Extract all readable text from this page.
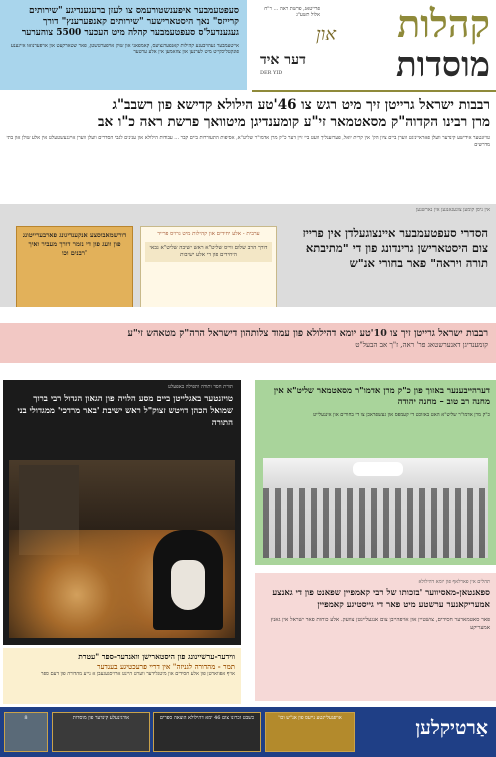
סעפטעמבער איפענשטורעמס צו לעזן ברעגענדיגע "שירותים קרייזס" נאך היסטארישער "שירותים קאנפערענץ" דורך געגענדעל'ס סעפטעמבער קהלה מיט העכער 5500 צוהערער
אייטעמבער געהויבענע קהילות קאנפערנציעס, קאמפאני און שוק אויפערטשטן, פאר שטארקעט און אויפערנואו אייגענע פונקטליכקייט מיט לערנען און צוזאמען אין אלע ערטער
קהלות
און
מוסדות
פרייטאג, פרשת ראה ... ר"ח אלול תשע"ג
דער איד
DER YID
רבבות ישראל גרייטן זיך מיט רגש צו 46'טע הילולא קדישא פון רשבב"ג
מרן רבינו הקדוה"ק מסאטמאר זי"ע קומענדיגן מיטוואך פרשת ראה כ"ו אב
טויזנטער אידישע קינדער וועלן פאראייניגט ווערן ביים ציון הק' אין קרית יואל, פערזענליך וועט ביי זיין דער כ"ק מרן אדמו"ר שליט"א, אסיפות התעוררות ביים קבר ... עבודות הילולא און ענינים לגבי הסדרים וועלן ווערן איינגעשטעלט אין אלע שולן און בתי מדרשים
אין ניסן קומען צוגעגאנגען אין נארשנען
הסדרי סעפטעמבער איינצוגעלדן אין פרייז צום היסטארישן גרינדונג פון די "מתיבתא תורה ויראה" פאר בחורי אנ"ש
ערבית - אלע יחידים און קהילות מיט גרויס פרייד
דורך הרב שלום ווייס שליט"א ראש ישיבה שליט"א גבאי היחידים פון די אלע ישיבות
דורשמאבוסצע אנקענדיגונג פארבערייטונג פון וועג פון די נזמר דורך מעביר ואיך רבנים וכו'
רבבות ישראל גרייטן זיך צו 10'טע יומא דהילולא פון עמוד צלותהון דישראל הרה"ק מטאהש זי"ע
קומענדיגן דאנערשטאג פר' ראה, ז"ך אב הבעל"ט
תורת חסד ותורה ותפילה באפעלט
טויזנטער באגלייטן ביים מסע הלויה פון הגאון הגדול רבי ברוך שמואל הכהן דויטש זצוק"ל ראש ישיבת 'באר מרדכי' ממגדולי בני התורה
דערהייבענער באזוך פון כ"ק מרן אדמו"ר מסאטמאר שליט"א אין מחנה רב טוב – מחנה יהודה
כ"ק מרן אדמו"ר שליט"א האט באזוכט די קעמפס און געשפראכן צו די בחורים און אינגעלייט
תהלים אין פארלאף פון יומא דהילולא
ספאנטאן-מאסיווער 'בזכותו של רבי קאמפיין שפאנט פון די גאנצע אמעריקאנער ערשטע מיט פאר די גייסטיגע קאמפיין
פאר סאטמארער חסידים, צושטיין און אויפהייבן צום אנגעלייגטן צוועק. אלע כוחות פאר ישראל אין גאנץ אמעריקע
ווידער-ערשיינונג פון היסטארישן וואנדער-ספר "עטרת
תמר - מהדורה לגניזה" אין דריי פרעכטיגע בענדער
אויף אפווארטן פון אלע חסידים און מיטגלידער ווערט היינט ארויסגעגעבן א נייע מהדורה פון דעם ספר
8	אורגינעלע קינדער פון מוסדות	כשבט זכרונו צום 46 ימא דהילולא הוצאה ספרים	אויפגעלייגטע נייעס פון אנ"ש וכו'	אַרטיקלען
